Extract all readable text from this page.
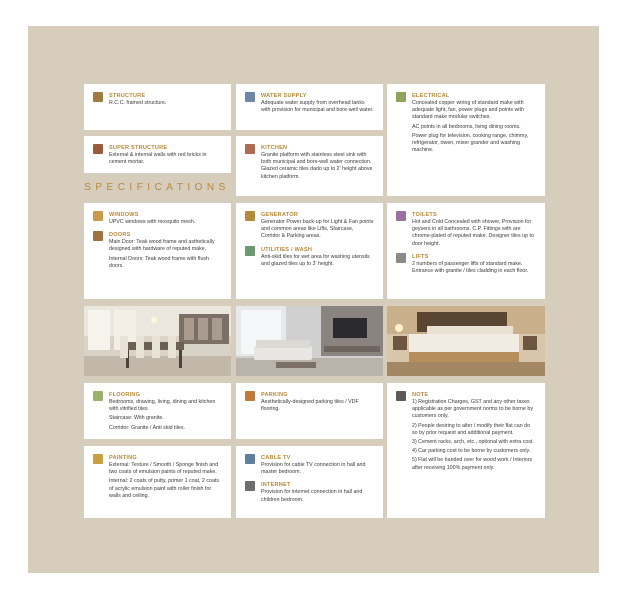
STRUCTURE

R.C.C. framed structure.

SUPER STRUCTURE

External & internal walls with red bricks in cement mortar.

SPECIFICATIONS
WATER SUPPLY

Adequate water supply from overhead tanks with provision for municipal and bore-well water.

KITCHEN

Granite platform with stainless steel sink with both municipal and bore-well water connection. Glazed ceramic tiles dado up to 2' height above kitchen platform.

ELECTRICAL

Concealed copper wiring of standard make with adequate light, fan, power plugs and points with standard make modular switches.

AC points in all bedrooms, living dining rooms.

Power plug for television, cooking range, chimmy, refrigerator, owen, mixer grander and washing machine.

WINDOWS

UPVC windows with mosquito mesh.

DOORS

Main Door: Teak wood frame and asthetically designed with hardware of reputed make.

Internal Doors: Teak wood frame with flush doors.

GENERATOR

Generator Power back-up for Light & Fan points and common areas like Lifts, Staircase, Corridor & Parking areas.

UTILITIES / WASH

Anti-skid tiles for wet area for washing utensils and glazed tiles up to 3' height.

TOILETS

Hot and Cold Concealed with shower, Provision for geysers in all bathrooms. C.P. Fittings with are chrome-plated of reputed make. Designer tiles up to door height.

LIFTS

2 numbers of passenger lifts of standard make. Entrance with granite / tiles cladding in each floor.

FLOORING

Bedrooms, drawing, living, dining and kitchen with vitrified tiles.

Staircase: With granite.

Corridor: Granite / Anti skid tiles.

PAINTING

External: Texture / Smooth / Sponge finish and two coats of emulsion paints of reputed make.

Internal: 2 coats of putty, primer 1 coat, 2 coats of acrylic emulsion paint with roller finish for walls and ceiling.

PARKING

Aesthetically-designed parking tiles / VDF flooring.

CABLE TV

Provision for cable TV connection in hall and master bedroom.

INTERNET

Provision for internet connection in hall and children bedroom.

NOTE

1) Registration Charges, GST and any other taxes applicable as per government norms to be borne by customers only.

2) People desiring to alter / modify their flat can do so by prior request and additional payment.

3) Cement racks, arch, etc., optional with extra cost.

4) Car parking cost to be borne by customers only.

5) Flat will be handed over for wood work / Interiors after receiving 100% payment only.
